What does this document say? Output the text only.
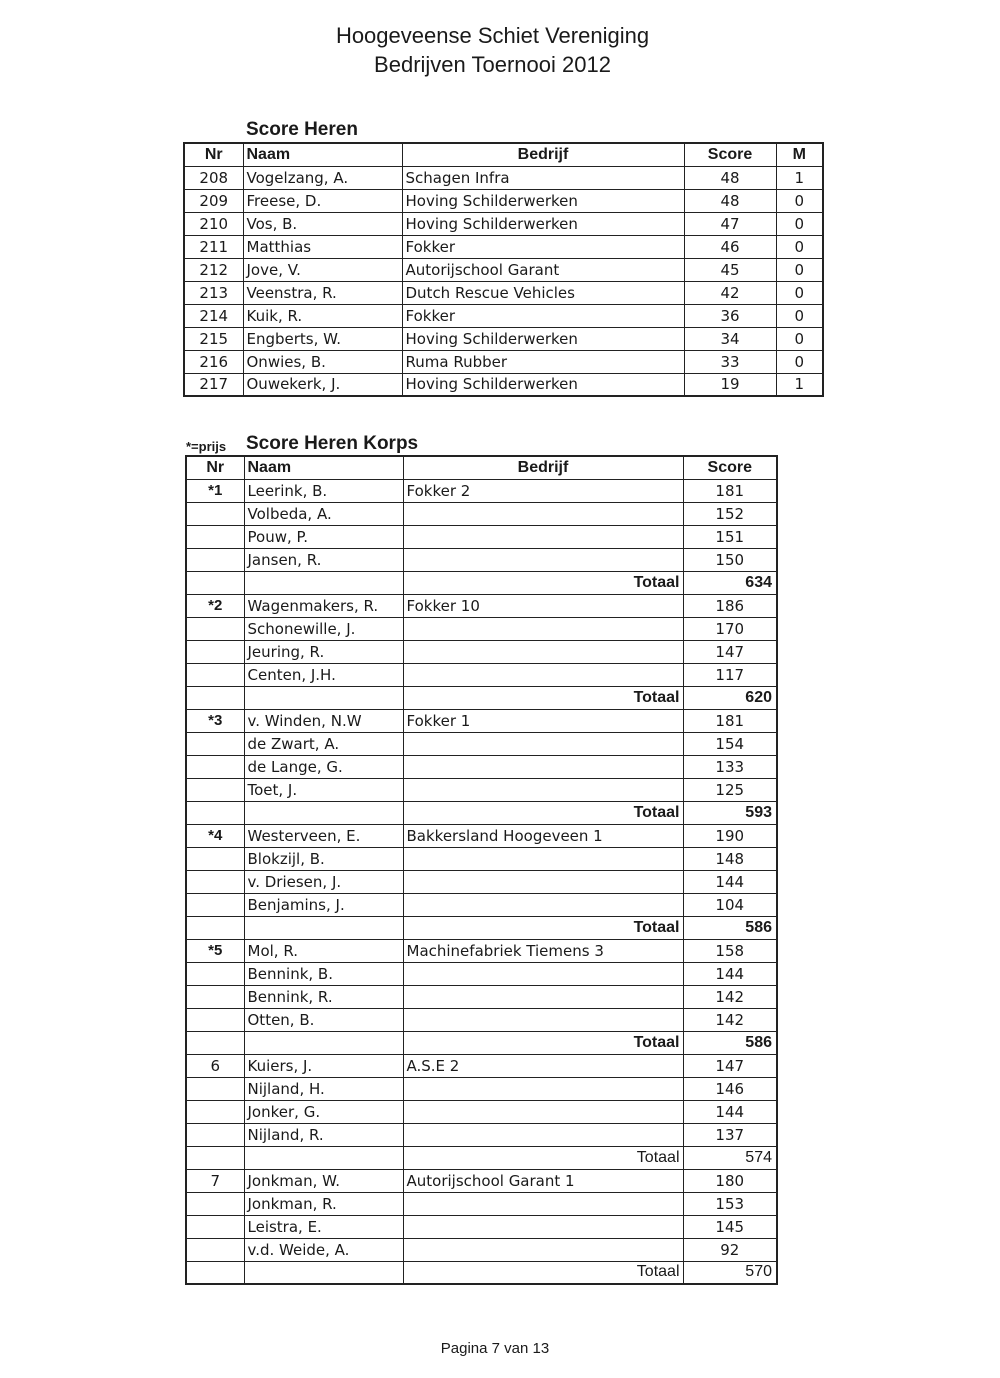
Hoogeveense Schiet Vereniging
Bedrijven Toernooi 2012
Score Heren
Nr	Naam	Bedrijf	Score	M
208	Vogelzang, A.	Schagen Infra	48	1
209	Freese, D.	Hoving Schilderwerken	48	0
210	Vos, B.	Hoving Schilderwerken	47	0
211	Matthias	Fokker	46	0
212	Jove, V.	Autorijschool Garant	45	0
213	Veenstra, R.	Dutch Rescue Vehicles	42	0
214	Kuik, R.	Fokker	36	0
215	Engberts, W.	Hoving Schilderwerken	34	0
216	Onwies, B.	Ruma Rubber	33	0
217	Ouwekerk, J.	Hoving Schilderwerken	19	1
*=prijs Score Heren Korps
Nr	Naam	Bedrijf	Score
*1	Leerink, B.	Fokker 2	181
	Volbeda, A.		152
	Pouw, P.		151
	Jansen, R.		150
		Totaal	634
*2	Wagenmakers, R.	Fokker 10	186
	Schonewille, J.		170
	Jeuring, R.		147
	Centen, J.H.		117
		Totaal	620
*3	v. Winden, N.W	Fokker 1	181
	de Zwart, A.		154
	de Lange, G.		133
	Toet, J.		125
		Totaal	593
*4	Westerveen, E.	Bakkersland Hoogeveen 1	190
	Blokzijl, B.		148
	v. Driesen, J.		144
	Benjamins, J.		104
		Totaal	586
*5	Mol, R.	Machinefabriek Tiemens 3	158
	Bennink, B.		144
	Bennink, R.		142
	Otten, B.		142
		Totaal	586
6	Kuiers, J.	A.S.E 2	147
	Nijland, H.		146
	Jonker, G.		144
	Nijland, R.		137
		Totaal	574
7	Jonkman, W.	Autorijschool Garant 1	180
	Jonkman, R.		153
	Leistra, E.		145
	v.d. Weide, A.		92
		Totaal	570
Pagina 7 van 13
